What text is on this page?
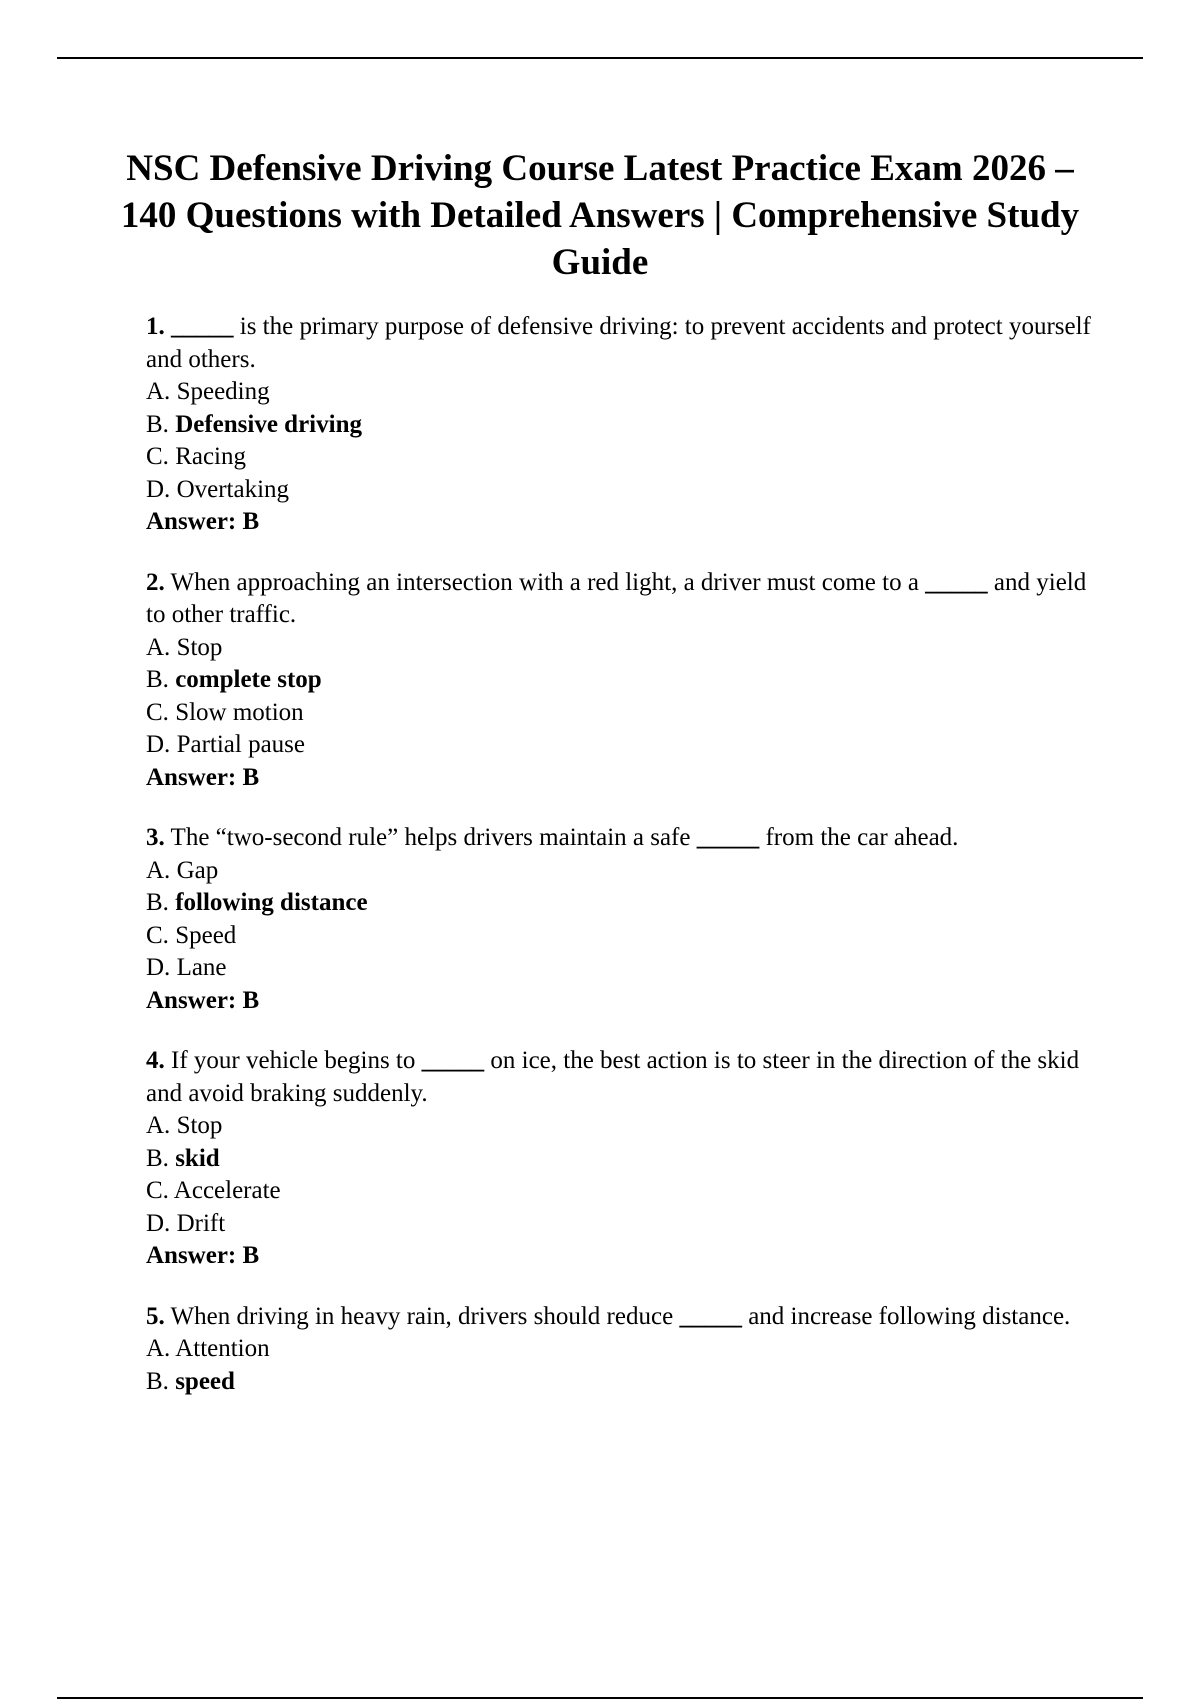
NSC Defensive Driving Course Latest Practice Exam 2026 – 140 Questions with Detailed Answers | Comprehensive Study Guide

1. _____ is the primary purpose of defensive driving: to prevent accidents and protect yourself and others.

A. Speeding

B. Defensive driving

C. Racing

D. Overtaking

Answer: B

2. When approaching an intersection with a red light, a driver must come to a _____ and yield to other traffic.

A. Stop

B. complete stop

C. Slow motion

D. Partial pause

Answer: B

3. The “two-second rule” helps drivers maintain a safe _____ from the car ahead.

A. Gap

B. following distance

C. Speed

D. Lane

Answer: B

4. If your vehicle begins to _____ on ice, the best action is to steer in the direction of the skid and avoid braking suddenly.

A. Stop

B. skid

C. Accelerate

D. Drift

Answer: B

5. When driving in heavy rain, drivers should reduce _____ and increase following distance.

A. Attention

B. speed
